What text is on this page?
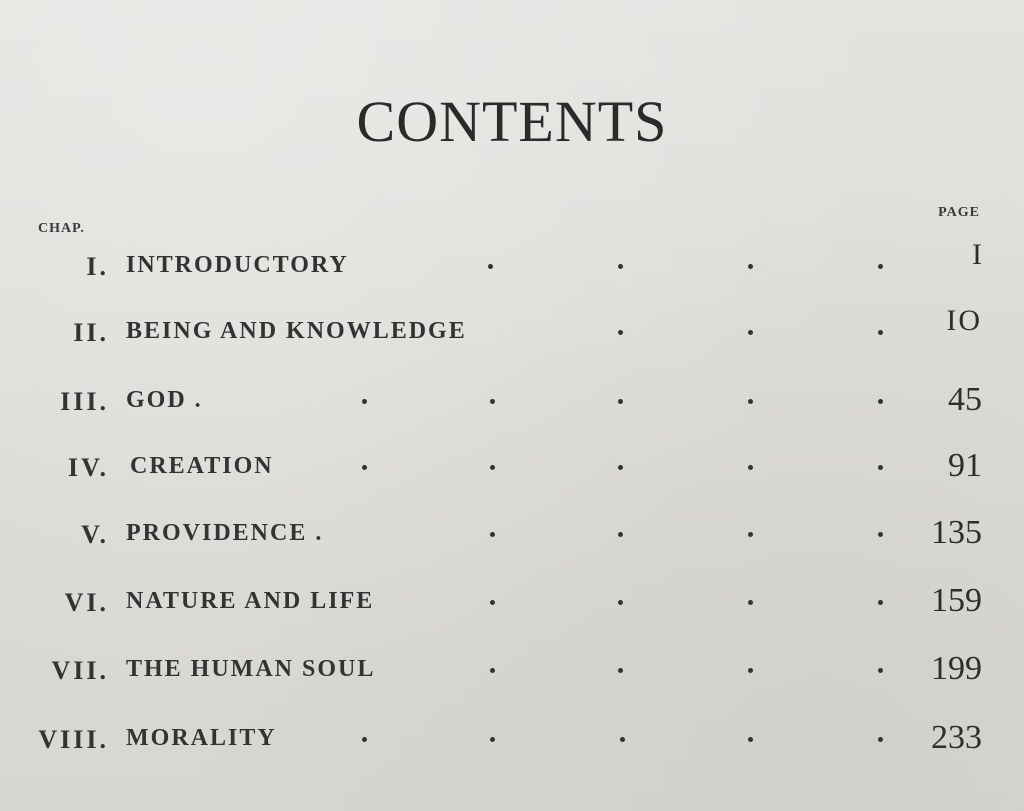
CONTENTS
CHAP.
PAGE
I. INTRODUCTORY	I
II. BEING AND KNOWLEDGE	IO
III. GOD .	45
IV. CREATION	91
V. PROVIDENCE .	135
VI. NATURE AND LIFE	159
VII. THE HUMAN SOUL	199
VIII. MORALITY	233
